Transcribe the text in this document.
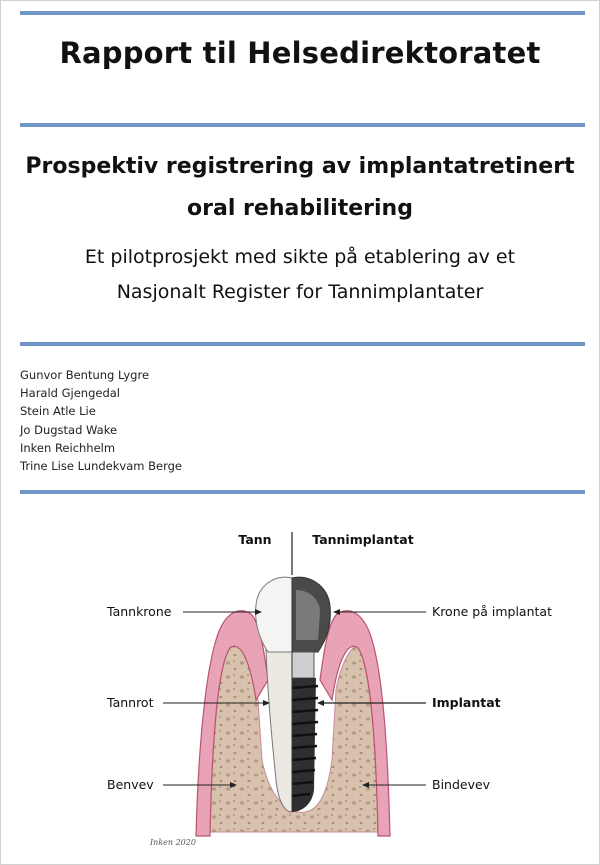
Rapport til Helsedirektoratet
Prospektiv registrering av implantatretinert
oral rehabilitering
Et pilotprosjekt med sikte på etablering av et
Nasjonalt Register for Tannimplantater
Gunvor Bentung Lygre
Harald Gjengedal
Stein Atle Lie
Jo Dugstad Wake
Inken Reichhelm
Trine Lise Lundekvam Berge
Tann	Tannimplantat
Tannkrone
Tannrot
Benvev
Krone på implantat
Implantat
Bindevev
Inken 2020
